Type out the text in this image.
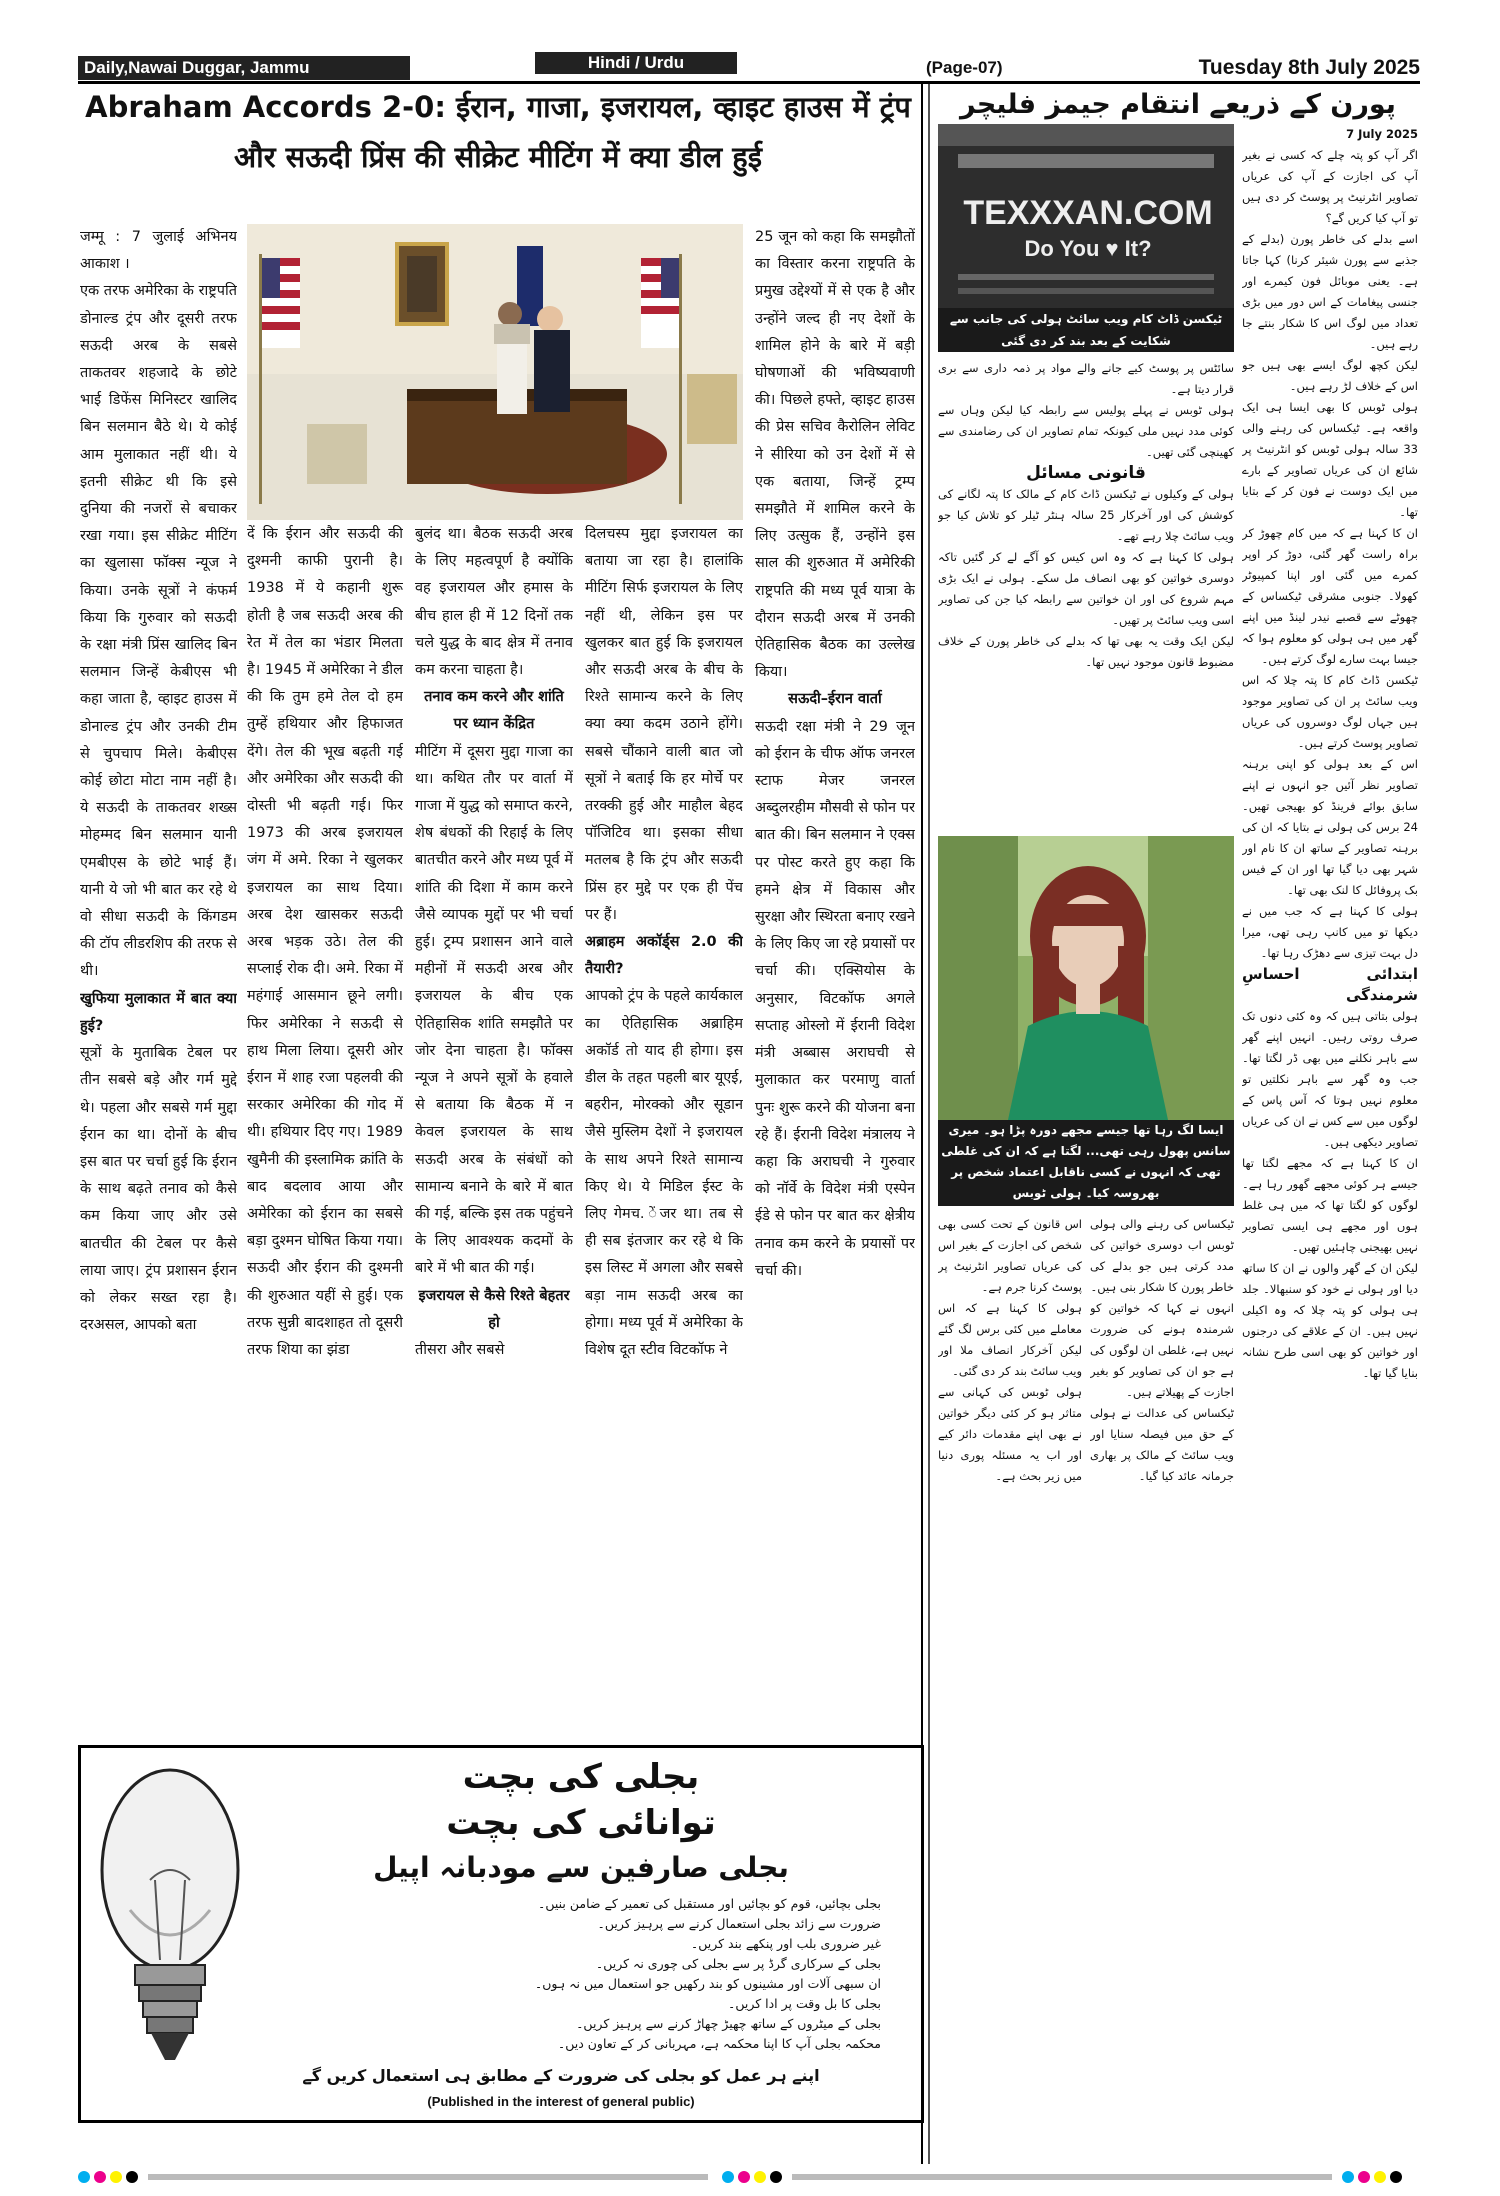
Daily,Nawai Duggar, Jammu	Hindi / Urdu	(Page-07)	Tuesday 8th July 2025
Abraham Accords 2-0: ईरान, गाजा, इजरायल, व्हाइट हाउस में ट्रंप और सऊदी प्रिंस की सीक्रेट मीटिंग में क्या डील हुई

जम्मू : 7 जुलाई अभिनय आकाश ।

एक तरफ अमेरिका के राष्ट्रपति डोनाल्ड ट्रंप और दूसरी तरफ सऊदी अरब के सबसे ताकतवर शहजादे के छोटे भाई डिफेंस मिनिस्टर खालिद बिन सलमान बैठे थे। ये कोई आम मुलाकात नहीं थी। ये इतनी सीक्रेट थी कि इसे दुनिया की नजरों से बचाकर रखा गया। इस सीक्रेट मीटिंग का खुलासा फॉक्स न्यूज ने किया। उनके सूत्रों ने कंफर्म किया कि गुरुवार को सऊदी के रक्षा मंत्री प्रिंस खालिद बिन सलमान जिन्हें केबीएस भी कहा जाता है, व्हाइट हाउस में डोनाल्ड ट्रंप और उनकी टीम से चुपचाप मिले। केबीएस कोई छोटा मोटा नाम नहीं है। ये सऊदी के ताकतवर शख्स मोहम्मद बिन सलमान यानी एमबीएस के छोटे भाई हैं। यानी ये जो भी बात कर रहे थे वो सीधा सऊदी के किंगडम की टॉप लीडरशिप की तरफ से थी।

खुफिया मुलाकात में बात क्या हुई?

सूत्रों के मुताबिक टेबल पर तीन सबसे बड़े और गर्म मुद्दे थे। पहला और सबसे गर्म मुद्दा ईरान का था। दोनों के बीच इस बात पर चर्चा हुई कि ईरान के साथ बढ़ते तनाव को कैसे कम किया जाए और उसे बातचीत की टेबल पर कैसे लाया जाए। ट्रंप प्रशासन ईरान को लेकर सख्त रहा है। दरअसल, आपको बता

दें कि ईरान और सऊदी की दुश्मनी काफी पुरानी है। 1938 में ये कहानी शुरू होती है जब सऊदी अरब की रेत में तेल का भंडार मिलता है। 1945 में अमेरिका ने डील की कि तुम हमे तेल दो हम तुम्हें हथियार और हिफाजत देंगे। तेल की भूख बढ़ती गई और अमेरिका और सऊदी की दोस्ती भी बढ़ती गई। फिर 1973 की अरब इजरायल जंग में अमे. रिका ने खुलकर इजरायल का साथ दिया। अरब देश खासकर सऊदी अरब भड़क उठे। तेल की सप्लाई रोक दी। अमे. रिका में महंगाई आसमान छूने लगी। फिर अमेरिका ने सऊदी से हाथ मिला लिया। दूसरी ओर ईरान में शाह रजा पहलवी की सरकार अमेरिका की गोद में थी। हथियार दिए गए। 1989 खुमैनी की इस्लामिक क्रांति के बाद बदलाव आया और अमेरिका को ईरान का सबसे बड़ा दुश्मन घोषित किया गया। सऊदी और ईरान की दुश्मनी की शुरुआत यहीं से हुई। एक तरफ सुन्नी बादशाहत तो दूसरी तरफ शिया का झंडा

बुलंद था। बैठक सऊदी अरब के लिए महत्वपूर्ण है क्योंकि वह इजरायल और हमास के बीच हाल ही में 12 दिनों तक चले युद्ध के बाद क्षेत्र में तनाव कम करना चाहता है।

तनाव कम करने और शांति पर ध्यान केंद्रित

मीटिंग में दूसरा मुद्दा गाजा का था। कथित तौर पर वार्ता में गाजा में युद्ध को समाप्त करने, शेष बंधकों की रिहाई के लिए बातचीत करने और मध्य पूर्व में शांति की दिशा में काम करने जैसे व्यापक मुद्दों पर भी चर्चा हुई। ट्रम्प प्रशासन आने वाले महीनों में सऊदी अरब और इजरायल के बीच एक ऐतिहासिक शांति समझौते पर जोर देना चाहता है। फॉक्स न्यूज ने अपने सूत्रों के हवाले से बताया कि बैठक में न केवल इजरायल के साथ सऊदी अरब के संबंधों को सामान्य बनाने के बारे में बात की गई, बल्कि इस तक पहुंचने के लिए आवश्यक कदमों के बारे में भी बात की गई।

इजरायल से कैसे रिश्ते बेहतर हो

तीसरा और सबसे

दिलचस्प मुद्दा इजरायल का बताया जा रहा है। हालांकि मीटिंग सिर्फ इजरायल के लिए नहीं थी, लेकिन इस पर खुलकर बात हुई कि इजरायल और सऊदी अरब के बीच के रिश्ते सामान्य करने के लिए क्या क्या कदम उठाने होंगे। सबसे चौंकाने वाली बात जो सूत्रों ने बताई कि हर मोर्चे पर तरक्की हुई और माहौल बेहद पॉजिटिव था। इसका सीधा मतलब है कि ट्रंप और सऊदी प्रिंस हर मुद्दे पर एक ही पेंच पर हैं।

अब्राहम अकॉर्ड्स 2.0 की तैयारी?

आपको ट्रंप के पहले कार्यकाल का ऐतिहासिक अब्राहिम अकॉर्ड तो याद ही होगा। इस डील के तहत पहली बार यूएई, बहरीन, मोरक्को और सूडान जैसे मुस्लिम देशों ने इजरायल के साथ अपने रिश्ते सामान्य किए थे। ये मिडिल ईस्ट के लिए गेमच. ेंजर था। तब से ही सब इंतजार कर रहे थे कि इस लिस्ट में अगला और सबसे बड़ा नाम सऊदी अरब का होगा। मध्य पूर्व में अमेरिका के विशेष दूत स्टीव विटकॉफ ने

25 जून को कहा कि समझौतों का विस्तार करना राष्ट्रपति के प्रमुख उद्देश्यों में से एक है और उन्होंने जल्द ही नए देशों के शामिल होने के बारे में बड़ी घोषणाओं की भविष्यवाणी की। पिछले हफ्ते, व्हाइट हाउस की प्रेस सचिव कैरोलिन लेविट ने सीरिया को उन देशों में से एक बताया, जिन्हें ट्रम्प समझौते में शामिल करने के लिए उत्सुक हैं, उन्होंने इस साल की शुरुआत में अमेरिकी राष्ट्रपति की मध्य पूर्व यात्रा के दौरान सऊदी अरब में उनकी ऐतिहासिक बैठक का उल्लेख किया।

सऊदी–ईरान वार्ता

सऊदी रक्षा मंत्री ने 29 जून को ईरान के चीफ ऑफ जनरल स्टाफ मेजर जनरल अब्दुलरहीम मौसवी से फोन पर बात की। बिन सलमान ने एक्स पर पोस्ट करते हुए कहा कि हमने क्षेत्र में विकास और सुरक्षा और स्थिरता बनाए रखने के लिए किए जा रहे प्रयासों पर चर्चा की। एक्सियोस के अनुसार, विटकॉफ अगले सप्ताह ओस्लो में ईरानी विदेश मंत्री अब्बास अराघची से मुलाकात कर परमाणु वार्ता पुनः शुरू करने की योजना बना रहे हैं। ईरानी विदेश मंत्रालय ने कहा कि अराघची ने गुरुवार को नॉर्वे के विदेश मंत्री एस्पेन ईडे से फोन पर बात कर क्षेत्रीय तनाव कम करने के प्रयासों पर चर्चा की।

پورن کے ذریعے انتقام جیمز فلیچر
TEXXXAN.COM
Do You ♥ It?
ٹیکسن ڈاٹ کام ویب سائٹ ہولی کی جانب سے شکایت کے بعد بند کر دی گئی

7 July 2025

اگر آپ کو پتہ چلے کہ کسی نے بغیر آپ کی اجازت کے آپ کی عریاں تصاویر انٹرنیٹ پر پوسٹ کر دی ہیں تو آپ کیا کریں گے؟

اسے بدلے کی خاطر پورن (بدلے کے جذبے سے پورن شیئر کرنا) کہا جاتا ہے۔ یعنی موبائل فون کیمرے اور جنسی پیغامات کے اس دور میں بڑی تعداد میں لوگ اس کا شکار بنتے جا رہے ہیں۔

لیکن کچھ لوگ ایسے بھی ہیں جو اس کے خلاف لڑ رہے ہیں۔

ہولی ٹوبس کا بھی ایسا ہی ایک واقعہ ہے۔ ٹیکساس کی رہنے والی 33 سالہ ہولی ٹوبس کو انٹرنیٹ پر شائع ان کی عریاں تصاویر کے بارے میں ایک دوست نے فون کر کے بتایا تھا۔

ان کا کہنا ہے کہ میں کام چھوڑ کر براہ راست گھر گئی، دوڑ کر اوپر کمرے میں گئی اور اپنا کمپیوٹر کھولا۔ جنوبی مشرقی ٹیکساس کے چھوٹے سے قصبے نیدر لینڈ میں اپنے گھر میں ہی ہولی کو معلوم ہوا کہ جیسا بہت سارے لوگ کرتے ہیں۔

ٹیکسن ڈاٹ کام کا پتہ چلا کہ اس ویب سائٹ پر ان کی تصاویر موجود ہیں جہاں لوگ دوسروں کی عریاں تصاویر پوسٹ کرتے ہیں۔

اس کے بعد ہولی کو اپنی برہنہ تصاویر نظر آئیں جو انہوں نے اپنے سابق بوائے فرینڈ کو بھیجی تھیں۔ 24 برس کی ہولی نے بتایا کہ ان کی برہنہ تصاویر کے ساتھ ان کا نام اور شہر بھی دیا گیا تھا اور ان کے فیس بک پروفائل کا لنک بھی تھا۔

ہولی کا کہنا ہے کہ جب میں نے دیکھا تو میں کانپ رہی تھی، میرا دل بہت تیزی سے دھڑک رہا تھا۔

ابتدائی احساسِ شرمندگی

ہولی بتاتی ہیں کہ وہ کئی دنوں تک صرف روتی رہیں۔ انہیں اپنے گھر سے باہر نکلنے میں بھی ڈر لگتا تھا۔ جب وہ گھر سے باہر نکلتیں تو معلوم نہیں ہوتا کہ آس پاس کے لوگوں میں سے کس نے ان کی عریاں تصاویر دیکھی ہیں۔

ان کا کہنا ہے کہ مجھے لگتا تھا جیسے ہر کوئی مجھے گھور رہا ہے۔ لوگوں کو لگتا تھا کہ میں ہی غلط ہوں اور مجھے ہی ایسی تصاویر نہیں بھیجنی چاہئیں تھیں۔

لیکن ان کے گھر والوں نے ان کا ساتھ دیا اور ہولی نے خود کو سنبھالا۔ جلد ہی ہولی کو پتہ چلا کہ وہ اکیلی نہیں ہیں۔ ان کے علاقے کی درجنوں اور خواتین کو بھی اسی طرح نشانہ بنایا گیا تھا۔

سائٹس پر پوسٹ کیے جانے والے مواد پر ذمہ داری سے بری قرار دیتا ہے۔

ہولی ٹوبس نے پہلے پولیس سے رابطہ کیا لیکن وہاں سے کوئی مدد نہیں ملی کیونکہ تمام تصاویر ان کی رضامندی سے کھینچی گئی تھیں۔

قانونی مسائل

ہولی کے وکیلوں نے ٹیکسن ڈاٹ کام کے مالک کا پتہ لگانے کی کوشش کی اور آخرکار 25 سالہ ہنٹر ٹیلر کو تلاش کیا جو ویب سائٹ چلا رہے تھے۔

ہولی کا کہنا ہے کہ وہ اس کیس کو آگے لے کر گئیں تاکہ دوسری خواتین کو بھی انصاف مل سکے۔ ہولی نے ایک بڑی مہم شروع کی اور ان خواتین سے رابطہ کیا جن کی تصاویر اسی ویب سائٹ پر تھیں۔

لیکن ایک وقت یہ بھی تھا کہ بدلے کی خاطر پورن کے خلاف مضبوط قانون موجود نہیں تھا۔

ایسا لگ رہا تھا جیسے مجھے دورہ پڑا ہو۔ میری سانس پھول رہی تھی... لگتا ہے کہ ان کی غلطی تھی کہ انہوں نے کسی ناقابل اعتماد شخص پر بھروسہ کیا۔ ہولی ٹوبس

ٹیکساس کی رہنے والی ہولی ٹوبس اب دوسری خواتین کی مدد کرتی ہیں جو بدلے کی خاطر پورن کا شکار بنی ہیں۔

انہوں نے کہا کہ خواتین کو شرمندہ ہونے کی ضرورت نہیں ہے، غلطی ان لوگوں کی ہے جو ان کی تصاویر کو بغیر اجازت کے پھیلاتے ہیں۔

ٹیکساس کی عدالت نے ہولی کے حق میں فیصلہ سنایا اور ویب سائٹ کے مالک پر بھاری جرمانہ عائد کیا گیا۔

اس قانون کے تحت کسی بھی شخص کی اجازت کے بغیر اس کی عریاں تصاویر انٹرنیٹ پر پوسٹ کرنا جرم ہے۔

ہولی کا کہنا ہے کہ اس معاملے میں کئی برس لگ گئے لیکن آخرکار انصاف ملا اور ویب سائٹ بند کر دی گئی۔

ہولی ٹوبس کی کہانی سے متاثر ہو کر کئی دیگر خواتین نے بھی اپنے مقدمات دائر کیے اور اب یہ مسئلہ پوری دنیا میں زیر بحث ہے۔

بجلی کی بچت
توانائی کی بچت
بجلی صارفین سے مودبانہ اپیل
بجلی بچائیں، قوم کو بچائیں اور مستقبل کی تعمیر کے ضامن بنیں۔
ضرورت سے زائد بجلی استعمال کرنے سے پرہیز کریں۔
غیر ضروری بلب اور پنکھے بند کریں۔
بجلی کے سرکاری گرڈ پر سے بجلی کی چوری نہ کریں۔
ان سبھی آلات اور مشینوں کو بند رکھیں جو استعمال میں نہ ہوں۔
بجلی کا بل وقت پر ادا کریں۔
بجلی کے میٹروں کے ساتھ چھیڑ چھاڑ کرنے سے پرہیز کریں۔
محکمہ بجلی آپ کا اپنا محکمہ ہے، مہربانی کر کے تعاون دیں۔
اپنے ہر عمل کو بجلی کی ضرورت کے مطابق ہی استعمال کریں گے
(Published in the interest of general public)
